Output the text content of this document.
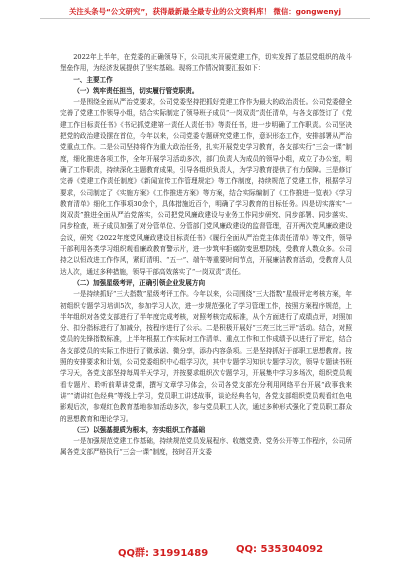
关注头条号“公文研究”，获得最新最全最专业的公文资料库！ 微信：gongwenyj

2022年上半年，在党委的正确领导下，公司扎实开展党建工作，切实发挥了基层党组织的战斗堡垒作用，为经济发展提供了坚实基础。现将工作情况简要汇报如下：

一、主要工作

（一）筑牢责任担当，切实履行管党职责。

一是围绕全面从严治党要求，公司党委坚持把抓好党建工作作为最大的政治责任。公司党委健全完善了党建工作领导小组，结合实际制定了领导班子成员“一岗双责”责任清单，与各支部签订了《党建工作目标责任书》《书记抓党建第一责任人责任书》等责任书，进一步明确了工作职责。公司坚决把党的政治建设摆在首位，今年以来，公司党委专题研究党建工作，意识形态工作，安排部署从严治党重点工作。二是公司坚持将作为重大政治任务，扎实开展党史学习教育，各支部实行“三会一课”制度，细化推进各项工作，全年开展学习活动多次，部门负责人为成员的领导小组，成立了办公室，明确了工作职责，持续深化主题教育成果，引导各组织负责人，为学习教育提供了有力保障。三是修订完善《党建工作责任制度》《新闻宣传工作管理规定》等工作制度，持续规范了党建工作，根据学习要求，公司制定了《实施方案》《工作推进方案》等方案，结合实际编制了《工作推进一览表》《学习教育清单》细化工作事项30余个，具体措施近百个，明确了学习教育的目标任务。四是切实落实“一岗双责”推进全面从严治党落实，公司把党风廉政建设与业务工作同步研究、同步部署、同步落实、同步检查，班子成员加强了对分管单位、分管部门党风廉政建设的监督管理，召开两次党风廉政建设会议，研究《2022年度党风廉政建设目标责任书》《履行全面从严治党主体责任清单》等文件，领导干部利用各类学习组织观看廉政教育警示片，进一步筑牢拒腐防变思想防线，受教育人数众多。公司持之以恒改进工作作风，紧盯清明、“五一”、端午等重要时间节点，开展廉洁教育活动，受教育人员达人次，通过多种措施，领导干部高效落实了“一岗双责”责任。

（二）加强星级考评，正确引领企业发展方向

一是持续抓好“三大指数”星级考评工作。今年以来，公司围绕“三大指数”星级评定考核方案，年初组织专题学习培训5次，参加学习人次，进一步规范强化了学习管理工作，按照方案程序规范，上半年组织对各党支部进行了半年度完成考核，对照考核完成标准，从个方面进行了成绩点评，对照加分、扣分指标进行了加减分，按程序进行了公示。二是积极开展好“三亮三比三评”活动。结合，对照党员的先锋指数标准，上半年根据工作实际对工作清单、重点工作和工作成绩予以进行了评定，结合各支部党员的实际工作进行了微承诺、微分享，添办内容条项。三是坚持抓好于部职工思想教育。按照的安排要求和计划，公司党委组织中心组学习次，其中专题学习知识专题学习次，领导专题读书班学习天，各党支部坚持每周半天学习，并按要求组织次专题学习，开展集中学习多场次，组织党员观看专题片、聆听前辈讲党课，撰写文章学习体会，公司各党支部充分利用网络平台开展“政事我来讲”“请讲红色经典”等线上学习，党员职工讲述故事，谈论经典名句，各党支部组织党员观看红色电影观后次，参观红色教育基地参加活动多次，参与党员职工人次，通过多种形式强化了党员职工群众的思想教育和理论学习。

（三）以强基提质为根本，夯实组织工作基础

一是加强规范党建工作基础，持续规范党员发展程序、收缴党费、党务公开等工作程序，公司所属各党支部严格执行“三会一课”制度，按时召开支委

QQ群: 31991489	QQ: 535304092
